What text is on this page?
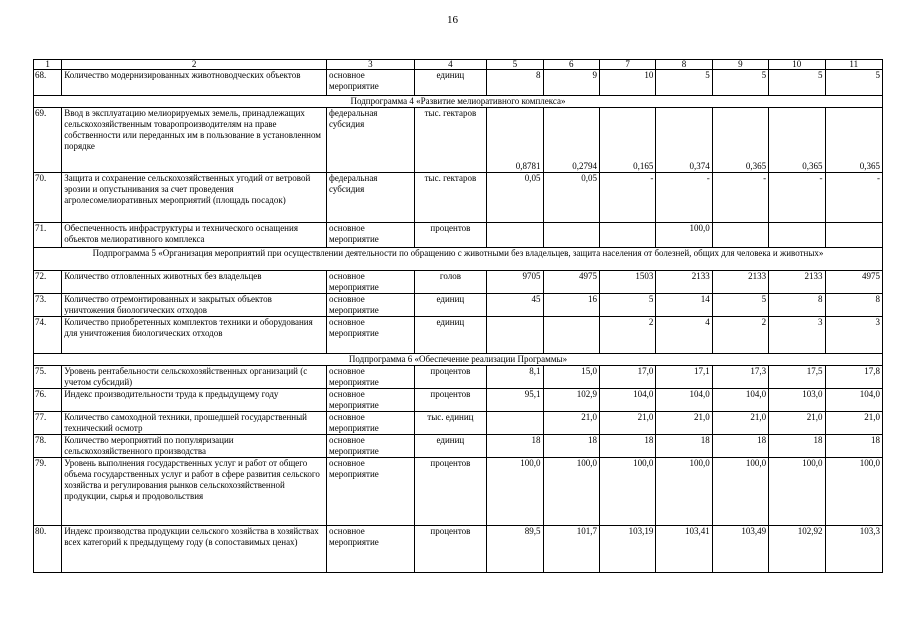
16
1	2	3	4	5	6	7	8	9	10	11
68.	Количество модернизированных животноводческих объектов	основное мероприятие	единиц	8	9	10	5	5	5	5
Подпрограмма 4 «Развитие мелиоративного комплекса»										
69.	Ввод в эксплуатацию мелиорируемых земель, принадлежащих сельскохозяйственным товаропроизводителям на праве собственности или переданных им в пользование в установленном порядке	федеральная субсидия	тыс. гектаров	0,8781	0,2794	0,165	0,374	0,365	0,365	0,365
70.	Защита и сохранение сельскохозяйственных угодий от ветровой эрозии и опустынивания за счет проведения агролесомелиоративных мероприятий (площадь посадок)	федеральная субсидия	тыс. гектаров	0,05	0,05	-	-	-	-	-
71.	Обеспеченность инфраструктуры и технического оснащения объектов мелиоративного комплекса	основное мероприятие	процентов				100,0			
Подпрограмма 5 «Организация мероприятий при осуществлении деятельности по обращению с животными без владельцев, защита населения от болезней, общих для человека и животных»										
72.	Количество отловленных животных без владельцев	основное мероприятие	голов	9705	4975	1503	2133	2133	2133	4975
73.	Количество отремонтированных и закрытых объектов уничтожения биологических отходов	основное мероприятие	единиц	45	16	5	14	5	8	8
74.	Количество приобретенных комплектов техники и оборудования для уничтожения биологических отходов	основное мероприятие	единиц			2	4	2	3	3
Подпрограмма 6 «Обеспечение реализации Программы»										
75.	Уровень рентабельности сельскохозяйственных организаций (с учетом субсидий)	основное мероприятие	процентов	8,1	15,0	17,0	17,1	17,3	17,5	17,8
76.	Индекс производительности труда к предыдущему году	основное мероприятие	процентов	95,1	102,9	104,0	104,0	104,0	103,0	104,0
77.	Количество самоходной техники, прошедшей государственный технический осмотр	основное мероприятие	тыс. единиц		21,0	21,0	21,0	21,0	21,0	21,0
78.	Количество мероприятий по популяризации сельскохозяйственного производства	основное мероприятие	единиц	18	18	18	18	18	18	18
79.	Уровень выполнения государственных услуг и работ от общего объема государственных услуг и работ в сфере развития сельского хозяйства и регулирования рынков сельскохозяйственной продукции, сырья и продовольствия	основное мероприятие	процентов	100,0	100,0	100,0	100,0	100,0	100,0	100,0
80.	Индекс производства продукции сельского хозяйства в хозяйствах всех категорий к предыдущему году (в сопоставимых ценах)	основное мероприятие	процентов	89,5	101,7	103,19	103,41	103,49	102,92	103,3
